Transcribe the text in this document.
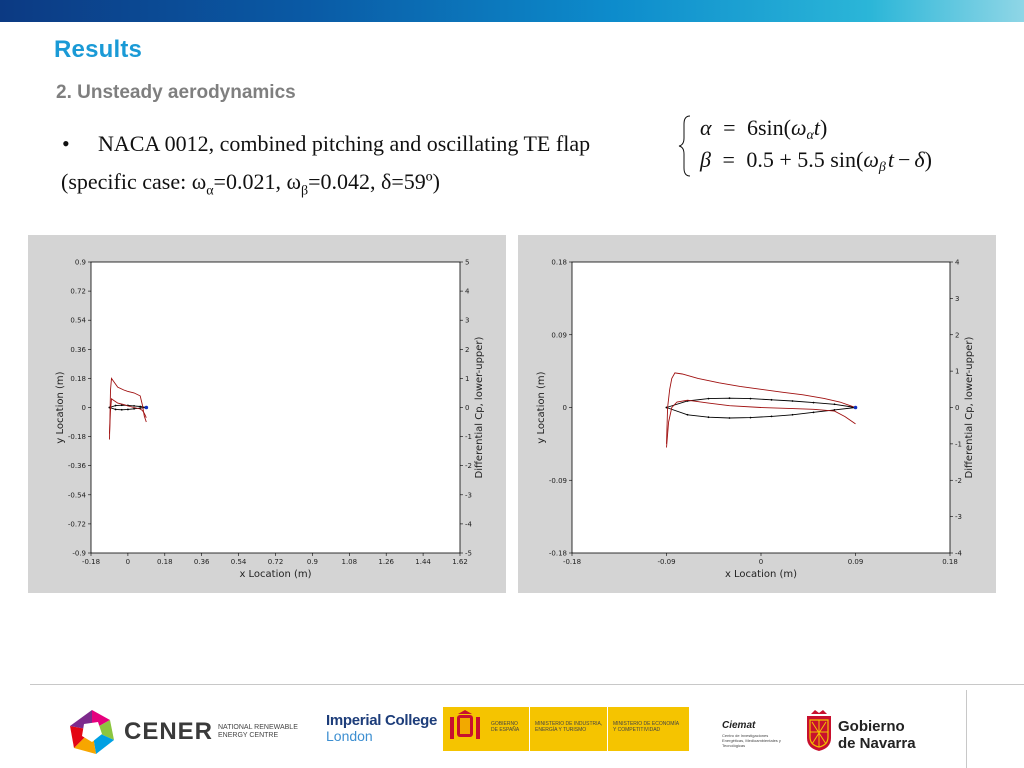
Results
2. Unsteady aerodynamics
• NACA 0012, combined pitching and oscillating TE flap
(specific case: $\omega_\alpha=0.021$, $\omega_\beta=0.042$, δ=59º)
α = 6sin(ωαt)
β = 0.5 + 5.5 sin(ωβt − δ)
-0.18	0	0.18	0.36	0.54	0.72	0.9	1.08	1.26	1.44	1.62
0.9
0.72
0.54
0.36
0.18
0
-0.18
-0.36
-0.54
-0.72
-0.9
5
4
3
2
1
0
-1
-2
-3
-4
-5
x Location (m)
y Location (m)	Differential Cp, lower-upper)
-0.18	-0.09	0	0.09	0.18
0.18
0.09
0
-0.09
-0.18
4
3
2
1
0
-1
-2
-3
-4
x Location (m)
y Location (m)	Differential Cp, lower-upper)
CENER NATIONAL RENEWABLE
ENERGY CENTRE
Imperial College
London
GOBIERNO DE ESPAÑA
MINISTERIO DE INDUSTRIA, ENERGÍA Y TURISMO
MINISTERIO DE ECONOMÍA Y COMPETITIVIDAD	Ciemat
Centro de Investigaciones Energéticas, Medioambientales y Tecnológicas
Gobierno
de Navarra
